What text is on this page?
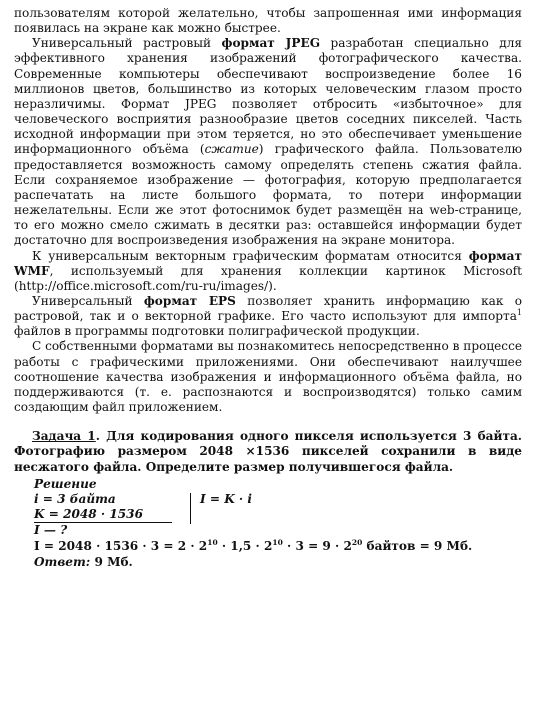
пользователям которой желательно, чтобы запрошенная ими информация появилась на экране как можно быстрее.

Универсальный растровый формат JPEG разработан специально для эффективного хранения изображений фотографического качества. Современные компьютеры обеспечивают воспроизведение более 16 миллионов цветов, большинство из которых человеческим глазом просто неразличимы. Формат JPEG позволяет отбросить «избыточное» для человеческого восприятия разнообразие цветов соседних пикселей. Часть исходной информации при этом теряется, но это обеспечивает уменьшение информационного объёма (сжатие) графического файла. Пользователю предоставляется возможность самому определять степень сжатия файла. Если сохраняемое изображение — фотография, которую предполагается распечатать на листе большого формата, то потери информации нежелательны. Если же этот фотоснимок будет размещён на web-странице, то его можно смело сжимать в десятки раз: оставшейся информации будет достаточно для воспроизведения изображения на экране монитора.

К универсальным векторным графическим форматам относится формат WMF, используемый для хранения коллекции картинок Microsoft (http://office.microsoft.com/ru-ru/images/).

Универсальный формат EPS позволяет хранить информацию как о растровой, так и о векторной графике. Его часто используют для импорта$^1$ файлов в программы подготовки полиграфической продукции.

С собственными форматами вы познакомитесь непосредственно в процессе работы с графическими приложениями. Они обеспечивают наилучшее соотношение качества изображения и информационного объёма файла, но поддерживаются (т. е. распознаются и воспроизводятся) только самим создающим файл приложением.

Задача 1. Для кодирования одного пикселя используется 3 байта. Фотографию размером 2048 ×1536 пикселей сохранили в виде несжатого файла. Определите размер получившегося файла.

Решение
i = 3 байта
K = 2048 · 1536
I — ?
I = K · i
$I = 2048 \cdot 1536 \cdot 3 = 2 \cdot 2^{10} \cdot 1,5 \cdot 2^{10} \cdot 3 = 9 \cdot 2^{20}$ байтов = 9 Мб.
Ответ: 9 Мб.
